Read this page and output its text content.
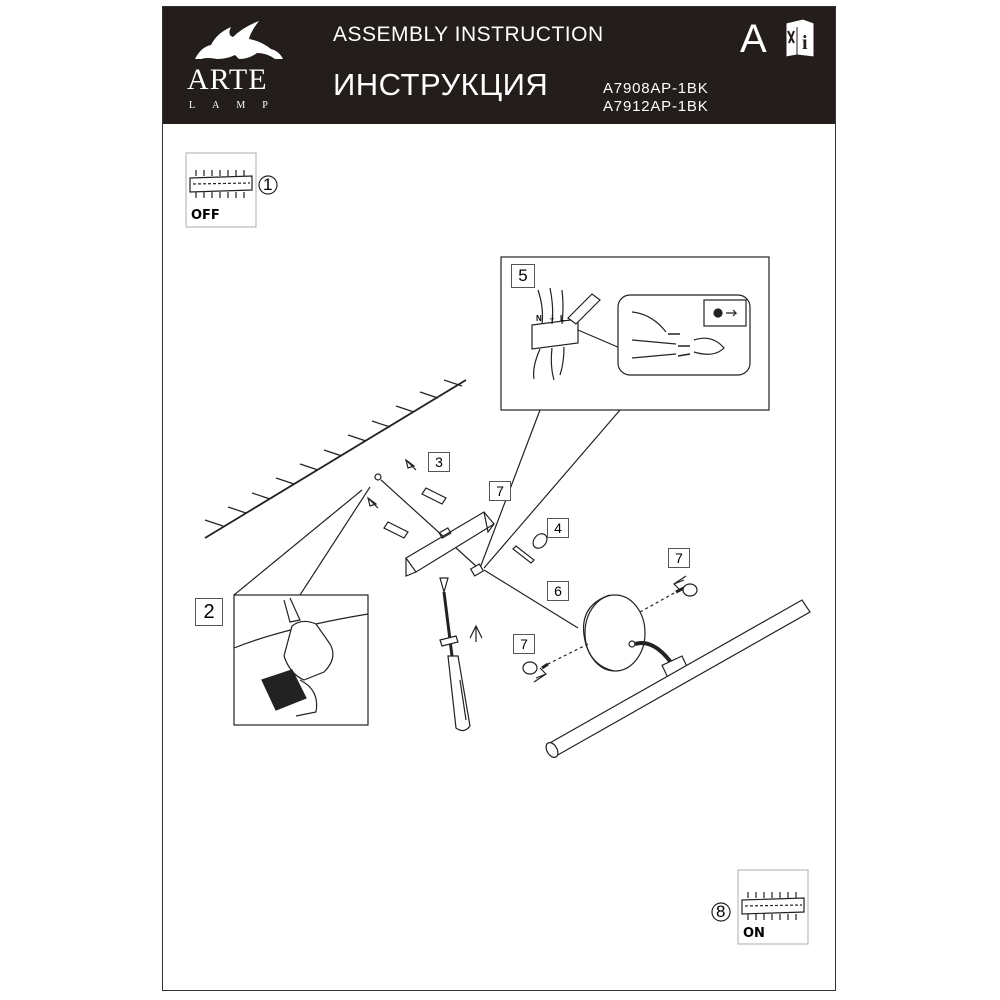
ARTE
LAMP
ASSEMBLY INSTRUCTION
ИНСТРУКЦИЯ	A7908AP-1BK
A7912AP-1BK
A i
OFF
ON
1
8
2
5
3
7
4
6
7
7
N ⏚ L
